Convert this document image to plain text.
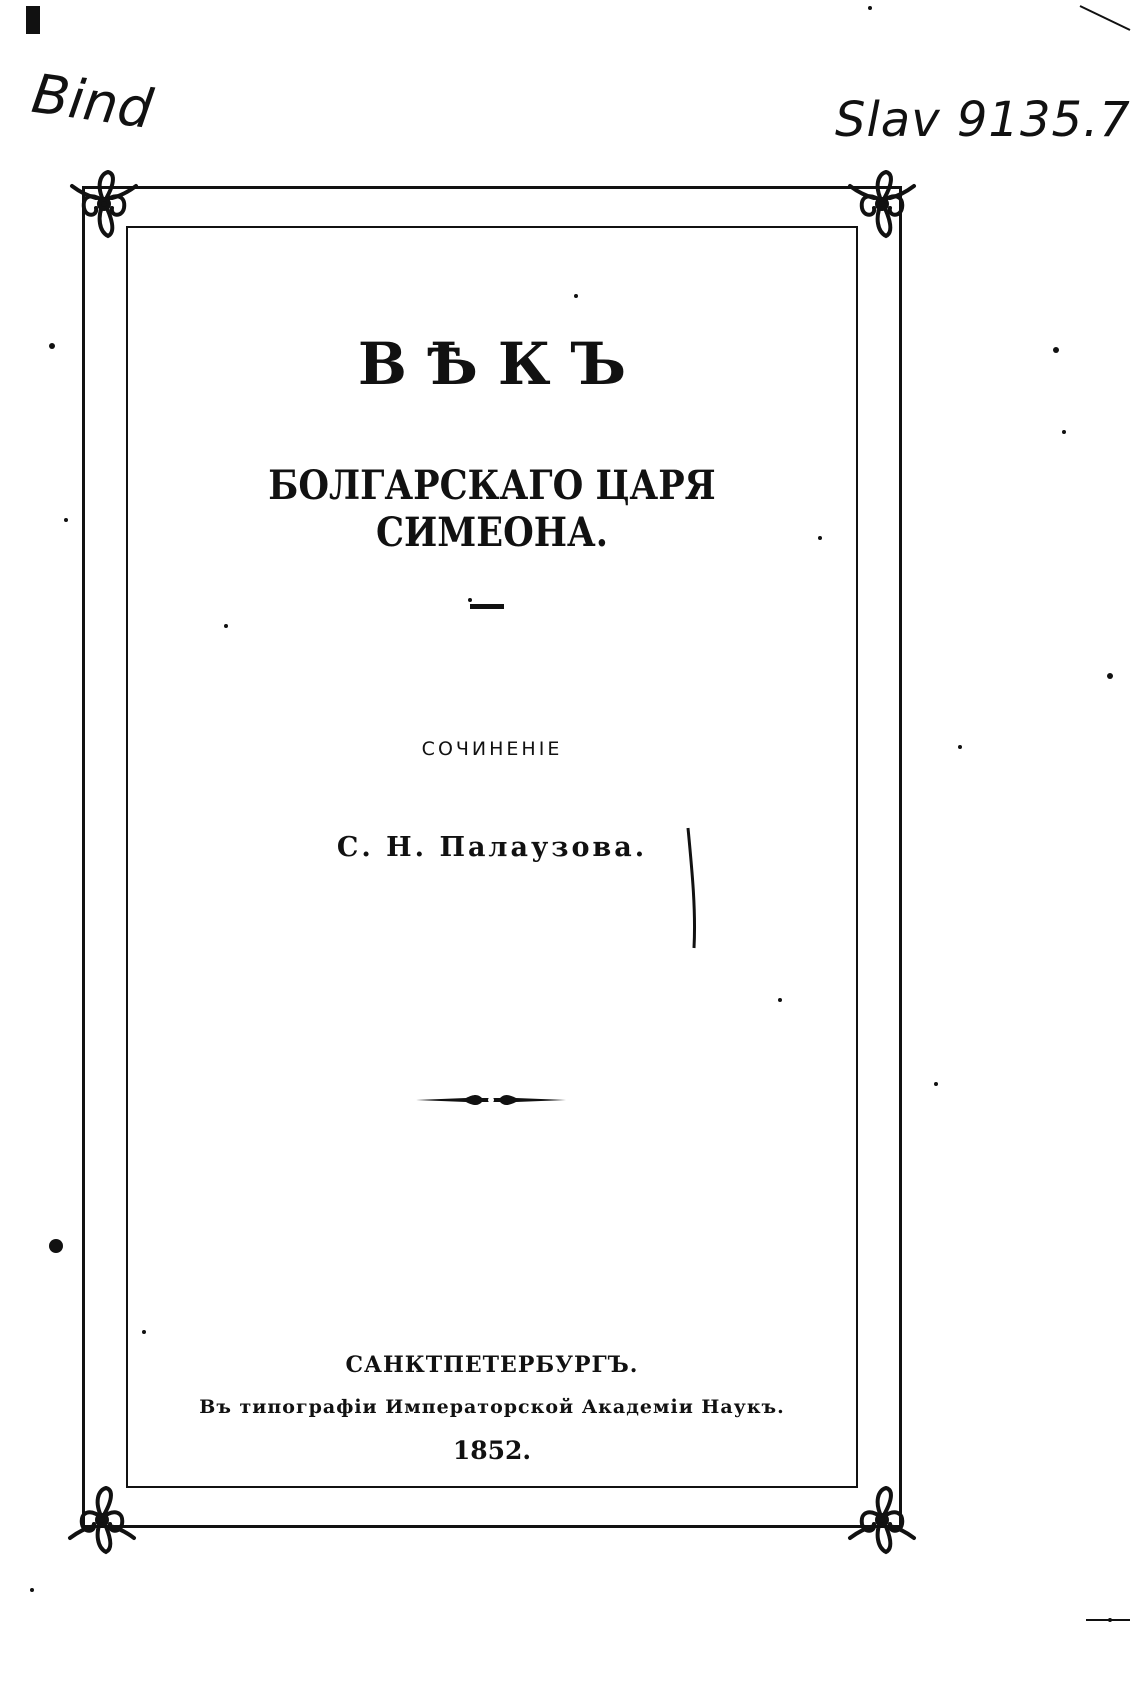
Bind	Slav 9135.7
ВѢКЪ
БОЛГАРСКАГО ЦАРЯ СИМЕОНА.
СОЧИНЕНІЕ
С. Н. Палаузова.
САНКТПЕТЕРБУРГЪ.
Въ типографіи Императорской Академіи Наукъ.
1852.
